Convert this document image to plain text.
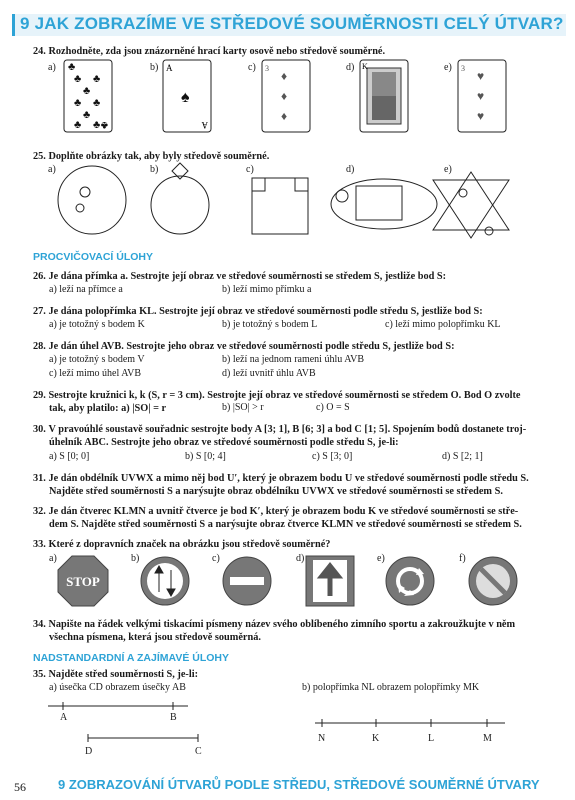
9 JAK ZOBRAZÍME VE STŘEDOVÉ SOUMĚRNOSTI CELÝ ÚTVAR?
24. Rozhodněte, zda jsou znázorněné hrací karty osově nebo středově souměrné.
a)	b)	c)	d)	e)
♣
♣
♣ ♣
♣
♣ ♣
♣
♣ ♣
A
♠
A
3
♦
♦
♦
K	3
♥
♥
♥
25. Doplňte obrázky tak, aby byly středově souměrné.
a)	b)	c)	d)	e)
PROCVIČOVACÍ ÚLOHY
26. Je dána přímka a. Sestrojte její obraz ve středové souměrnosti se středem S, jestliže bod S:
a) leží na přímce a	b) leží mimo přímku a
27. Je dána polopřímka KL. Sestrojte její obraz ve středové souměrnosti podle středu S, jestliže bod S:
a) je totožný s bodem K	b) je totožný s bodem L	c) leží mimo polopřímku KL
28. Je dán úhel AVB. Sestrojte jeho obraz ve středové souměrnosti podle středu S, jestliže bod S:
a) je totožný s bodem V	b) leží na jednom rameni úhlu AVB
c) leží mimo úhel AVB	d) leží uvnitř úhlu AVB
29. Sestrojte kružnici k, k (S, r = 3 cm). Sestrojte její obraz ve středové souměrnosti se středem O. Bod O zvolte
tak, aby platilo: a) |SO| = r	b) |SO| > r	c) O = S
30. V pravoúhlé soustavě souřadnic sestrojte body A [3; 1], B [6; 3] a bod C [1; 5]. Spojením bodů dostanete troj-
úhelník ABC. Sestrojte jeho obraz ve středové souměrnosti podle středu S, je-li:
a) S [0; 0]	b) S [0; 4]	c) S [3; 0]	d) S [2; 1]
31. Je dán obdélník UVWX a mimo něj bod U′, který je obrazem bodu U ve středové souměrnosti podle středu S.
Najděte střed souměrnosti S a narýsujte obraz obdélníku UVWX ve středové souměrnosti se středem S.
32. Je dán čtverec KLMN a uvnitř čtverce je bod K′, který je obrazem bodu K ve středové souměrnosti se stře-
dem S. Najděte střed souměrnosti S a narýsujte obraz čtverce KLMN ve středové souměrnosti se středem S.
33. Které z dopravních značek na obrázku jsou středově souměrné?
a)	b)	c)	d)	e)	f)
STOP
34. Napište na řádek velkými tiskacími písmeny název svého oblíbeného zimního sportu a zakroužkujte v něm
všechna písmena, která jsou středově souměrná.
NADSTANDARDNÍ A ZAJÍMAVÉ ÚLOHY
35. Najděte střed souměrnosti S, je-li:
a) úsečka CD obrazem úsečky AB	b) polopřímka NL obrazem polopřímky MK
A	B
D	C
N	K	L	M
56 9 ZOBRAZOVÁNÍ ÚTVARŮ PODLE STŘEDU, STŘEDOVÉ SOUMĚRNÉ ÚTVARY
